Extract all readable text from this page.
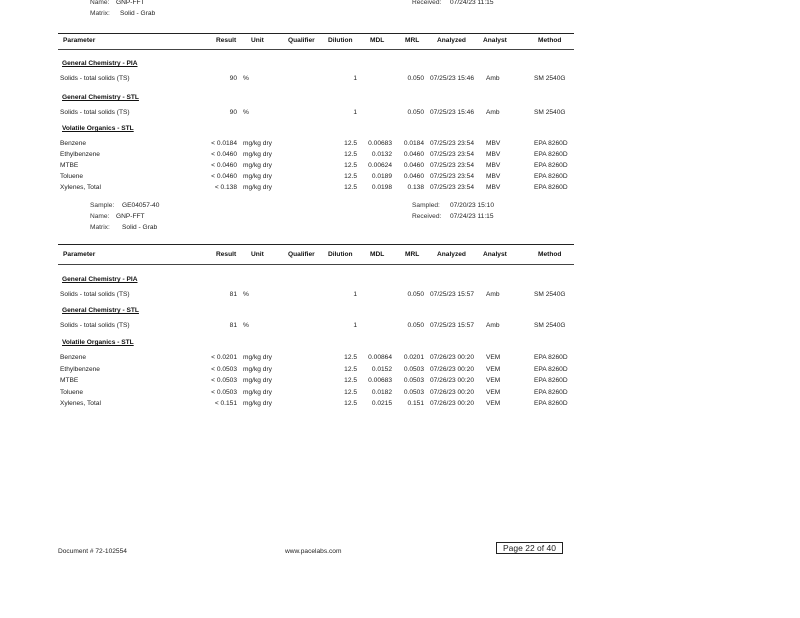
Name: GNP-FFT
Matrix: Solid - Grab
Received: 07/24/23 11:15
Parameter	Result Unit	Qualifier Dilution	MDL	MRL	Analyzed	Analyst	Method
General Chemistry - PIA
Solids - total solids (TS)	90 %	1	0.050 07/25/23 15:46	Amb	SM 2540G
General Chemistry - STL
Solids - total solids (TS)	90 %	1	0.050 07/25/23 15:46	Amb	SM 2540G
Volatile Organics - STL
Benzene	< 0.0184 mg/kg dry	12.5	0.00683	0.0184 07/25/23 23:54	MBV	EPA 8260D
Ethylbenzene	< 0.0460 mg/kg dry	12.5	0.0132	0.0460 07/25/23 23:54	MBV	EPA 8260D
MTBE	< 0.0460 mg/kg dry	12.5	0.00624	0.0460 07/25/23 23:54	MBV	EPA 8260D
Toluene	< 0.0460 mg/kg dry	12.5	0.0189	0.0460 07/25/23 23:54	MBV	EPA 8260D
Xylenes, Total	< 0.138 mg/kg dry	12.5	0.0198	0.138 07/25/23 23:54	MBV	EPA 8260D
Sample: GE04057-40
Name: GNP-FFT
Matrix: Solid - Grab
Sampled: 07/20/23 15:10
Received: 07/24/23 11:15
Parameter	Result Unit	Qualifier Dilution	MDL	MRL	Analyzed	Analyst	Method
General Chemistry - PIA
Solids - total solids (TS)	81 %	1	0.050 07/25/23 15:57	Amb	SM 2540G
General Chemistry - STL
Solids - total solids (TS)	81 %	1	0.050 07/25/23 15:57	Amb	SM 2540G
Volatile Organics - STL
Benzene	< 0.0201 mg/kg dry	12.5	0.00864	0.0201 07/26/23 00:20	VEM	EPA 8260D
Ethylbenzene	< 0.0503 mg/kg dry	12.5	0.0152	0.0503 07/26/23 00:20	VEM	EPA 8260D
MTBE	< 0.0503 mg/kg dry	12.5	0.00683	0.0503 07/26/23 00:20	VEM	EPA 8260D
Toluene	< 0.0503 mg/kg dry	12.5	0.0182	0.0503 07/26/23 00:20	VEM	EPA 8260D
Xylenes, Total	< 0.151 mg/kg dry	12.5	0.0215	0.151 07/26/23 00:20	VEM	EPA 8260D
Document # 72-102554	www.pacelabs.com	Page 22 of 40
